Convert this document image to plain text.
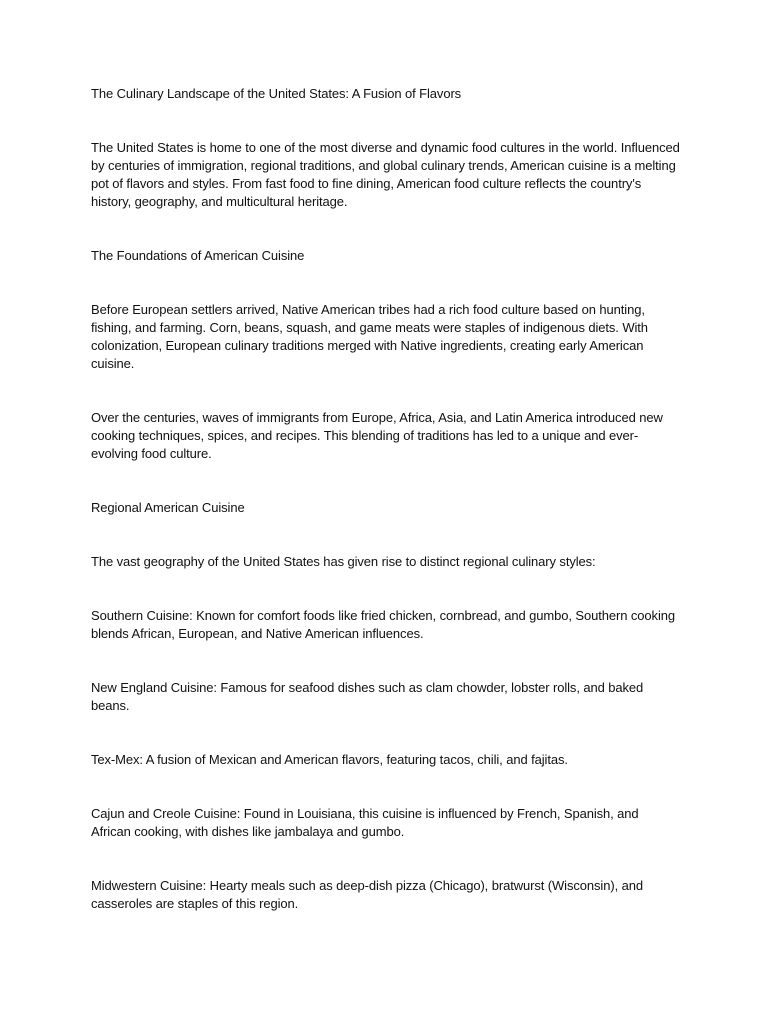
The Culinary Landscape of the United States: A Fusion of Flavors

The United States is home to one of the most diverse and dynamic food cultures in the world. Influenced by centuries of immigration, regional traditions, and global culinary trends, American cuisine is a melting pot of flavors and styles. From fast food to fine dining, American food culture reflects the country's history, geography, and multicultural heritage.

The Foundations of American Cuisine

Before European settlers arrived, Native American tribes had a rich food culture based on hunting, fishing, and farming. Corn, beans, squash, and game meats were staples of indigenous diets. With colonization, European culinary traditions merged with Native ingredients, creating early American cuisine.

Over the centuries, waves of immigrants from Europe, Africa, Asia, and Latin America introduced new cooking techniques, spices, and recipes. This blending of traditions has led to a unique and ever-evolving food culture.

Regional American Cuisine

The vast geography of the United States has given rise to distinct regional culinary styles:

Southern Cuisine: Known for comfort foods like fried chicken, cornbread, and gumbo, Southern cooking blends African, European, and Native American influences.

New England Cuisine: Famous for seafood dishes such as clam chowder, lobster rolls, and baked beans.

Tex-Mex: A fusion of Mexican and American flavors, featuring tacos, chili, and fajitas.

Cajun and Creole Cuisine: Found in Louisiana, this cuisine is influenced by French, Spanish, and African cooking, with dishes like jambalaya and gumbo.

Midwestern Cuisine: Hearty meals such as deep-dish pizza (Chicago), bratwurst (Wisconsin), and casseroles are staples of this region.
